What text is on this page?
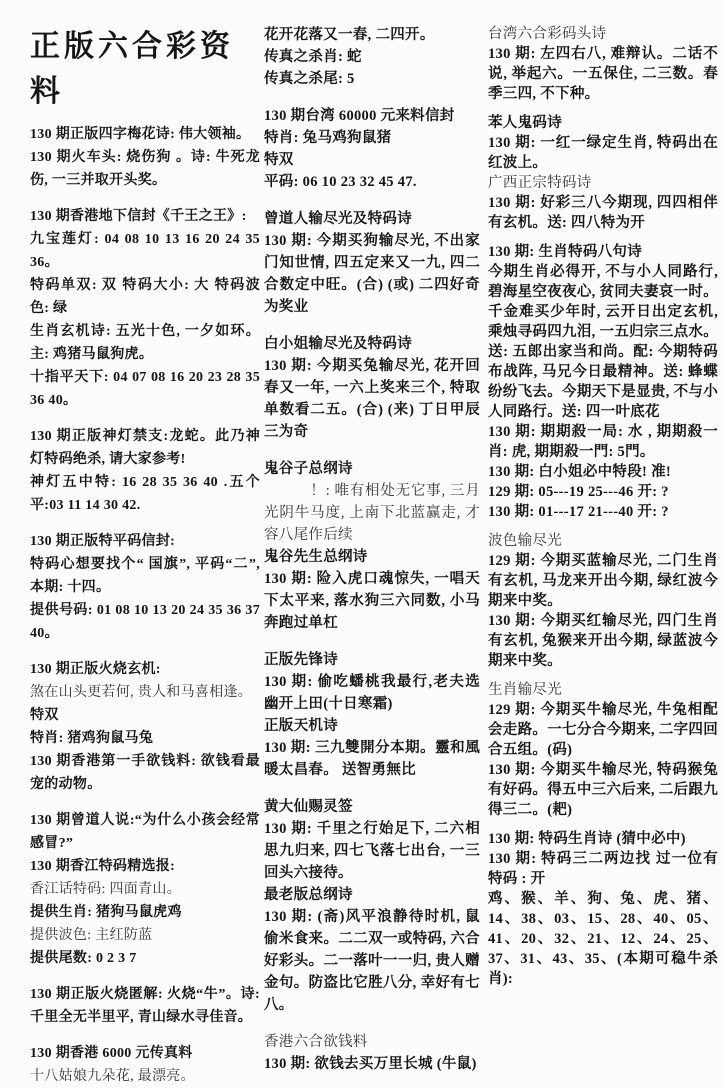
正版六合彩资料

130 期正版四字梅花诗: 伟大领袖。

130 期火车头: 烧伤狗 。诗: 牛死龙伤, 一三并取开头奖。

130 期香港地下信封《千王之王》:

九宝莲灯: 04 08 10 13 16 20 24 35 36。

特码单双: 双 特码大小: 大 特码波色: 绿

生肖玄机诗: 五光十色, 一夕如环。主: 鸡猪马鼠狗虎。

十指平天下: 04 07 08 16 20 23 28 35 36 40。

130 期正版神灯禁支:龙蛇。此乃神灯特码绝杀, 请大家参考!

神灯五中特: 16 28 35 36 40 .五个平:03 11 14 30 42.

130 期正版特平码信封:

特码心想要找个“ 国旗”, 平码“二”, 本期: 十四。

提供号码: 01 08 10 13 20 24 35 36 37 40。

130 期正版火烧玄机:

煞在山头更若何, 贵人和马喜相逢。

特双

特肖: 猪鸡狗鼠马兔

130 期香港第一手欲钱料: 欲钱看最宠的动物。

130 期曾道人说:“为什么小孩会经常感冒?”

130 期香江特码精选报:

香江话特码: 四面青山。

提供生肖: 猪狗马鼠虎鸡

提供波色: 主红防蓝

提供尾数: 0 2 3 7

130 期正版火烧匿解: 火烧“牛”。诗: 千里全无半里平, 青山绿水寻佳音。

130 期香港 6000 元传真料

十八姑娘九朵花, 最漂亮。

花开花落又一春, 二四开。

传真之杀肖: 蛇

传真之杀尾: 5

130 期台湾 60000 元来料信封

特肖: 兔马鸡狗鼠猪

特双

平码: 06 10 23 32 45 47.

曾道人输尽光及特码诗

130 期: 今期买狗输尽光, 不出家门知世情, 四五定来又一九, 四二合数定中旺。(合) (或) 二四好奇为奖业

白小姐输尽光及特码诗

130 期: 今期买兔输尽光, 花开回春又一年, 一六上奖来三个, 特取单数看二五。(合) (来) 丁日甲辰三为奇

鬼谷子总纲诗

！: 唯有相处无它事, 三月光阴牛马度, 上南下北蓝赢走, 才容八尾作后续

鬼谷先生总纲诗

130 期: 险入虎口魂惊失, 一唱天下太平来, 落水狗三六同数, 小马奔跑过单杠

正版先锋诗

130 期: 偷吃蟠桃我最行,老夫选幽开上田(十日寒霜)

正版天机诗

130 期: 三九雙開分本期。靈和風暖太昌春。 送智勇無比

黄大仙赐灵签

130 期: 千里之行始足下, 二六相思九归来, 四七飞落七出台, 一三回头六接待。

最老版总纲诗

130 期: (斋)风平浪静待时机, 鼠偷米食来。二二双一或特码, 六合好彩头。二一落叶一一归, 贵人赠金句。防盗比它胜八分, 幸好有七八。

香港六合欲钱料

130 期: 欲钱去买万里长城 (牛鼠)

台湾六合彩码头诗

130 期: 左四右八, 难辩认。二话不说, 举起六。一五保住, 二三数。春季三四, 不下种。

苯人鬼码诗

130 期: 一红一绿定生肖, 特码出在红波上。

广西正宗特码诗

130 期: 好彩三八今期现, 四四相伴有玄机。送: 四八特为开

130 期: 生肖特码八句诗

今期生肖必得开, 不与小人同路行, 碧海星空夜夜心, 贫同夫妻哀一时。千金难买少年时, 云开日出定玄机, 乘烛寻码四九泪, 一五归宗三点水。送: 五郎出家当和尚。配: 今期特码布战阵, 马兄今日最精神。送: 蜂蝶纷纷飞去。今期天下是显贵, 不与小人同路行。送: 四一叶底花

130 期: 期期殺一局: 水 , 期期殺一肖: 虎, 期期殺一門: 5門。

130 期: 白小姐必中特段! 准!

129 期: 05---19 25---46 开: ?

130 期: 01---17 21---40 开: ?

波色输尽光

129 期: 今期买蓝输尽光, 二门生肖有玄机, 马龙来开出今期, 绿红波今期来中奖。

130 期: 今期买红输尽光, 四门生肖有玄机, 兔猴来开出今期, 绿蓝波今期来中奖。

生肖输尽光

129 期: 今期买牛输尽光, 牛兔相配会走路。一七分合今期来, 二字四回合五组。(码)

130 期: 今期买牛输尽光, 特码猴兔有好码。得五中三六后来, 二后跟九得三二。(耙)

130 期: 特码生肖诗 (猜中必中)

130 期: 特码三二两边找 过一位有特码 : 开

鸡、猴、羊、狗、兔、虎、猪、14、38、03、15、28、40、05、41、20、32、21、12、24、25、37、31、43、35、(本期可稳牛杀肖):
